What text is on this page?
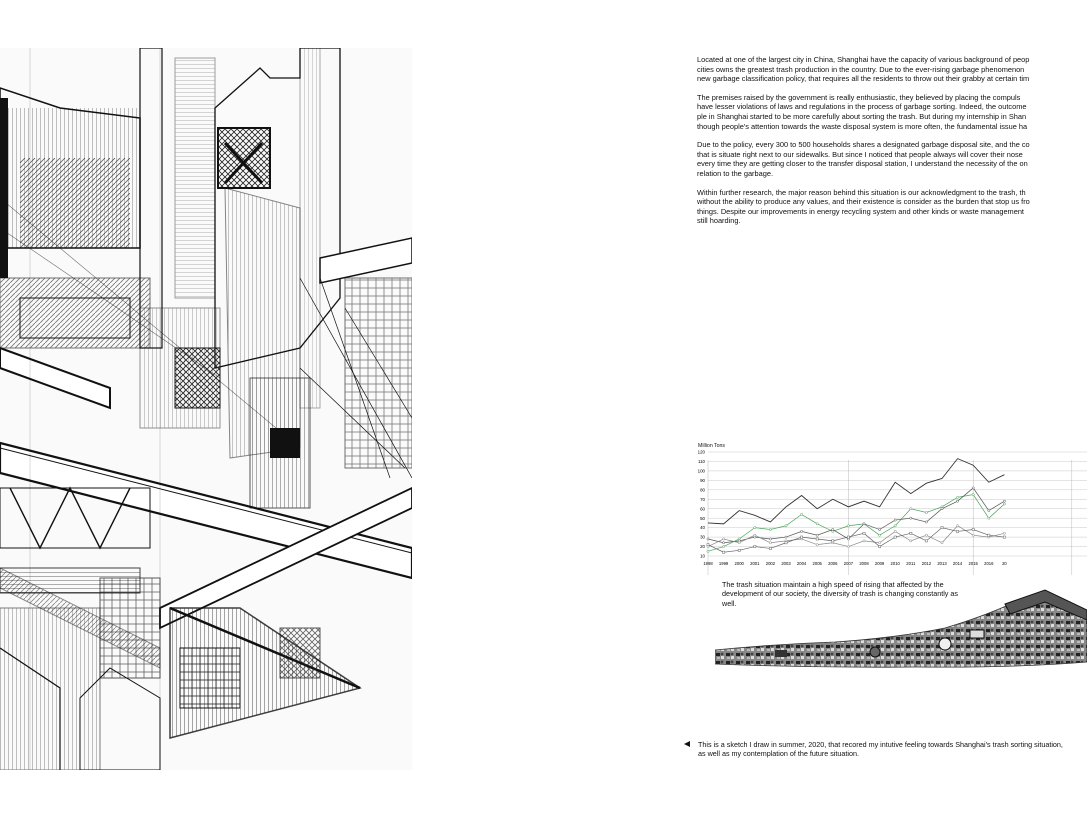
Located at one of the largest city in China, Shanghai have the capacity of various background of peop
cities owns the greatest trash production in the country. Due to the ever-rising garbage phenomenon
new garbage classification policy, that requires all the residents to throw out their grabby at certain tim
The premises raised by the government is really enthusiastic, they believed by placing the compuls
have lesser violations of laws and regulations in the process of garbage sorting. Indeed, the outcome
ple in Shanghai started to be more carefully about sorting the trash. But during my internship in Shan
though people's attention towards the waste disposal system is more often, the fundamental issue ha
Due to the policy, every 300 to 500 households shares a designated garbage disposal site, and the co
that is situate right next to our sidewalks. But since I noticed that people always will cover their nose
every time they are getting closer to the transfer disposal station, I understand the necessity of the on
relation to the garbage.
Within further research, the major reason behind this situation is our acknowledgment to the trash, th
without the ability to produce any values, and their existence is consider as the burden that stop us fro
things. Despite our improvements in energy recycling system and other kinds or waste management
still hoarding.
Million Tons
10
20
30
40
50
60
70
80
90
100
110
120
1998 1999 2000 2001 2002 2003 2004 2005 2006 2007 2008 2009 2010 2011 2012 2013 2014 2015 2016 20

The trash situation maintain a high speed of rising that affected by the development of our society, the diversity of trash is changing constantly as well.

This is a sketch I draw in summer, 2020, that recored my intutive feeling towards Shanghai's trash sorting situation, as well as my contemplation of the future situation.
